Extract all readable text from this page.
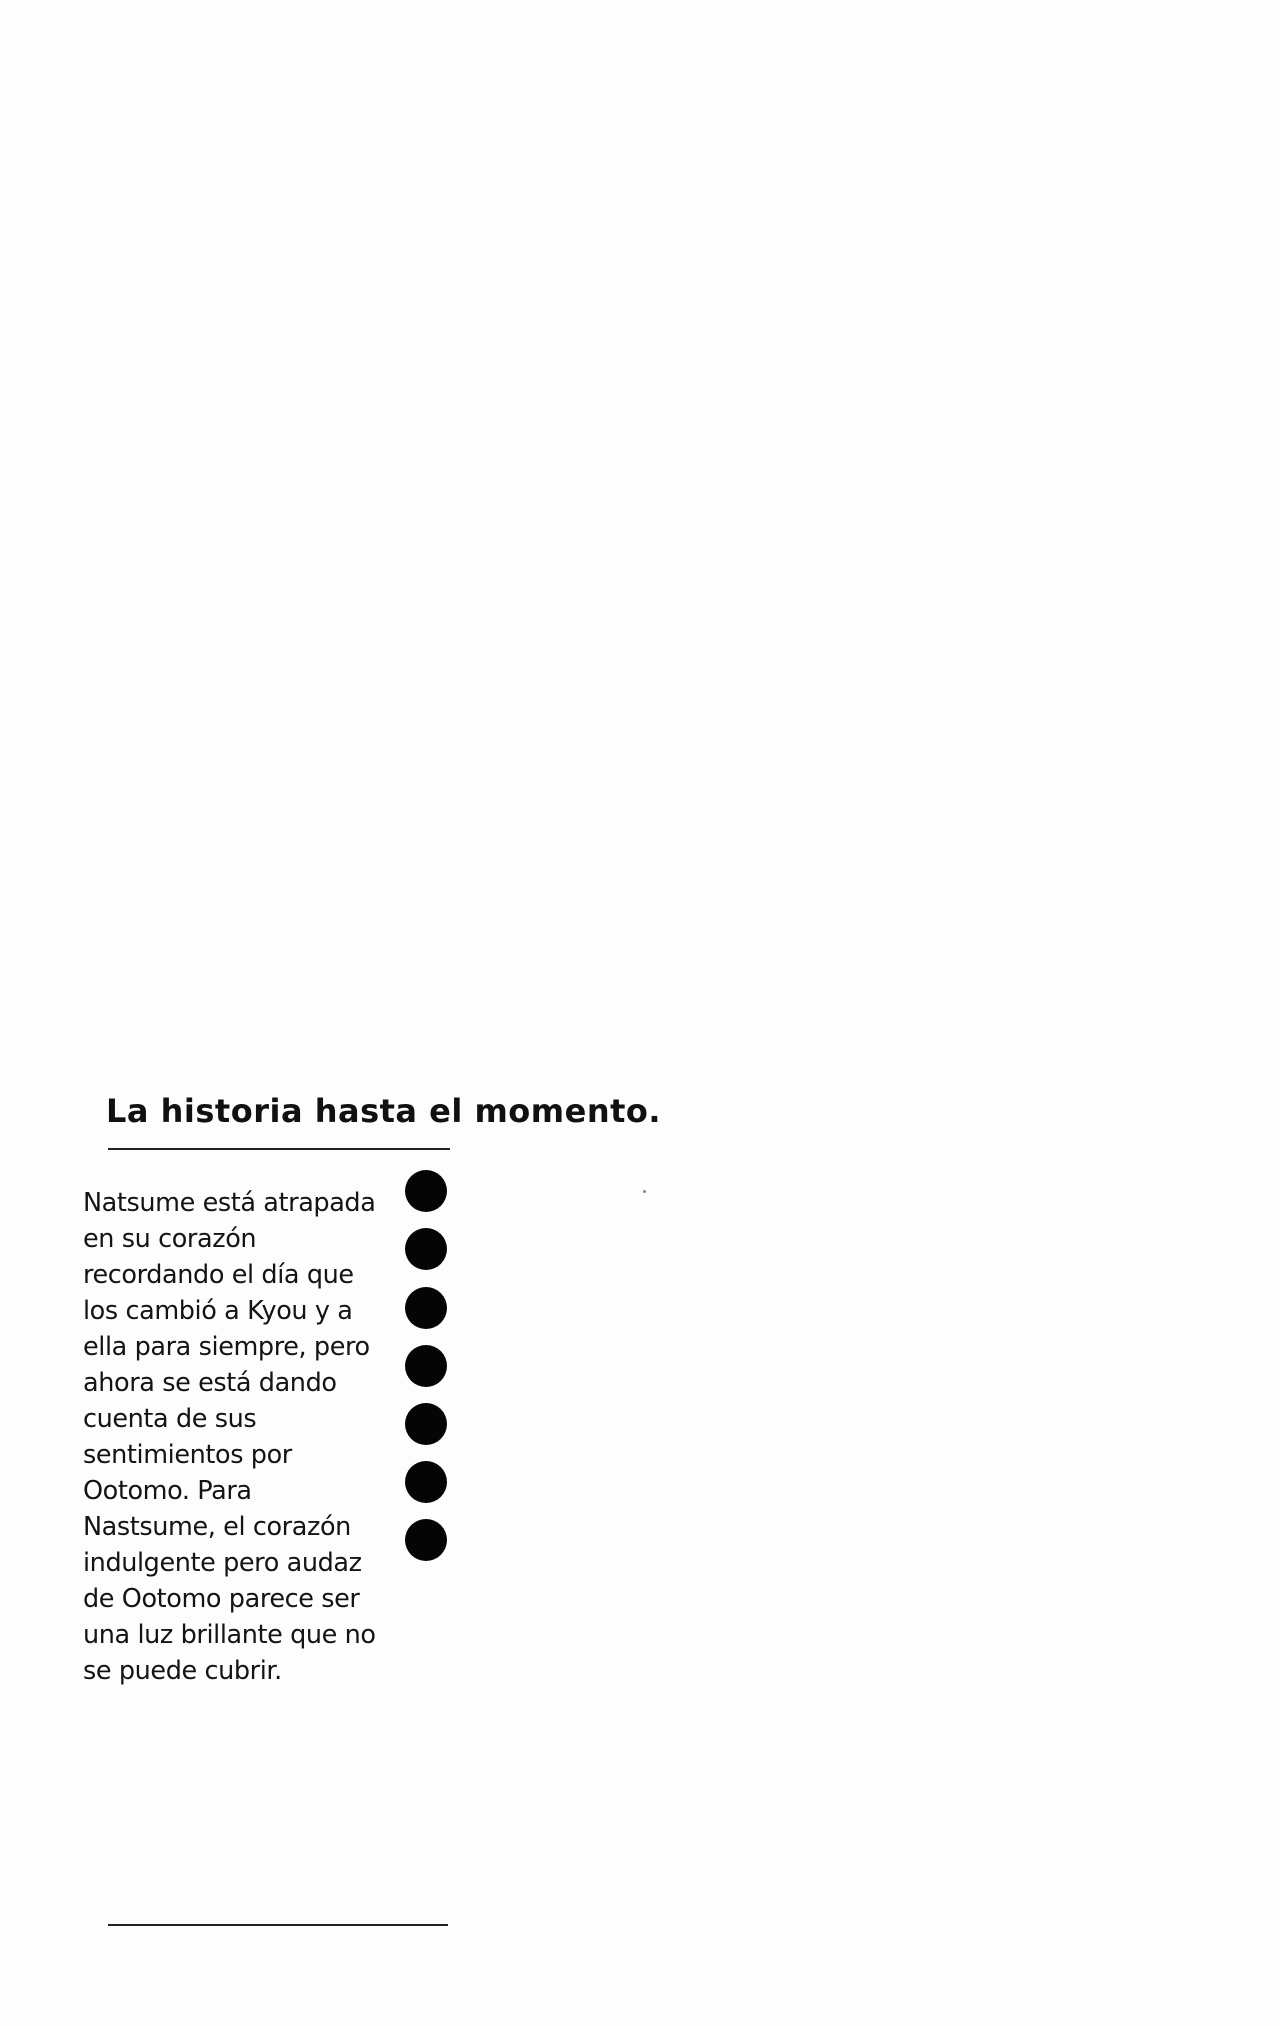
La historia hasta el momento.
Natsume está atrapada
en su corazón
recordando el día que
los cambió a Kyou y a
ella para siempre, pero
ahora se está dando
cuenta de sus
sentimientos por
Ootomo. Para
Nastsume, el corazón
indulgente pero audaz
de Ootomo parece ser
una luz brillante que no
se puede cubrir.
